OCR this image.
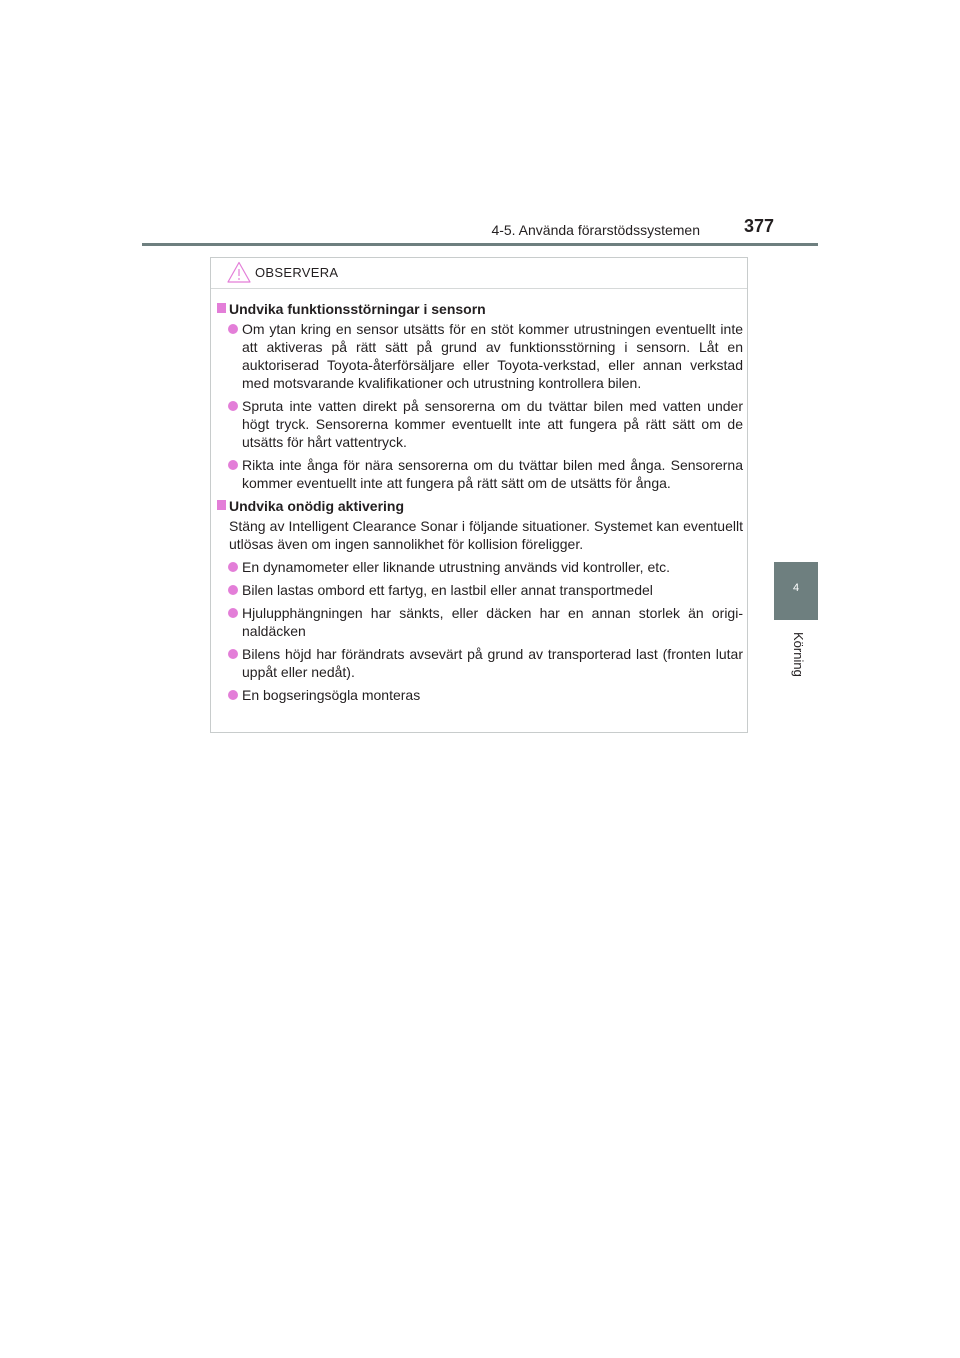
4-5. Använda förarstödssystemen 377
4
Körning
OBSERVERA
Undvika funktionsstörningar i sensorn
Om ytan kring en sensor utsätts för en stöt kommer utrustningen eventuellt inte att aktiveras på rätt sätt på grund av funktionsstörning i sensorn. Låt en auktoriserad Toyota-återförsäljare eller Toyota-verkstad, eller annan verkstad med motsvarande kvalifikationer och utrustning kontrollera bilen.
Spruta inte vatten direkt på sensorerna om du tvättar bilen med vatten under högt tryck. Sensorerna kommer eventuellt inte att fungera på rätt sätt om de utsätts för hårt vattentryck.
Rikta inte ånga för nära sensorerna om du tvättar bilen med ånga. Sensorerna kommer eventuellt inte att fungera på rätt sätt om de utsätts för ånga.
Undvika onödig aktivering
Stäng av Intelligent Clearance Sonar i följande situationer. Systemet kan eventuellt utlösas även om ingen sannolikhet för kollision föreligger.
En dynamometer eller liknande utrustning används vid kontroller, etc.
Bilen lastas ombord ett fartyg, en lastbil eller annat transportmedel
Hjulupphängningen har sänkts, eller däcken har en annan storlek än originaldäcken
Bilens höjd har förändrats avsevärt på grund av transporterad last (fronten lutar uppåt eller nedåt).
En bogseringsögla monteras
